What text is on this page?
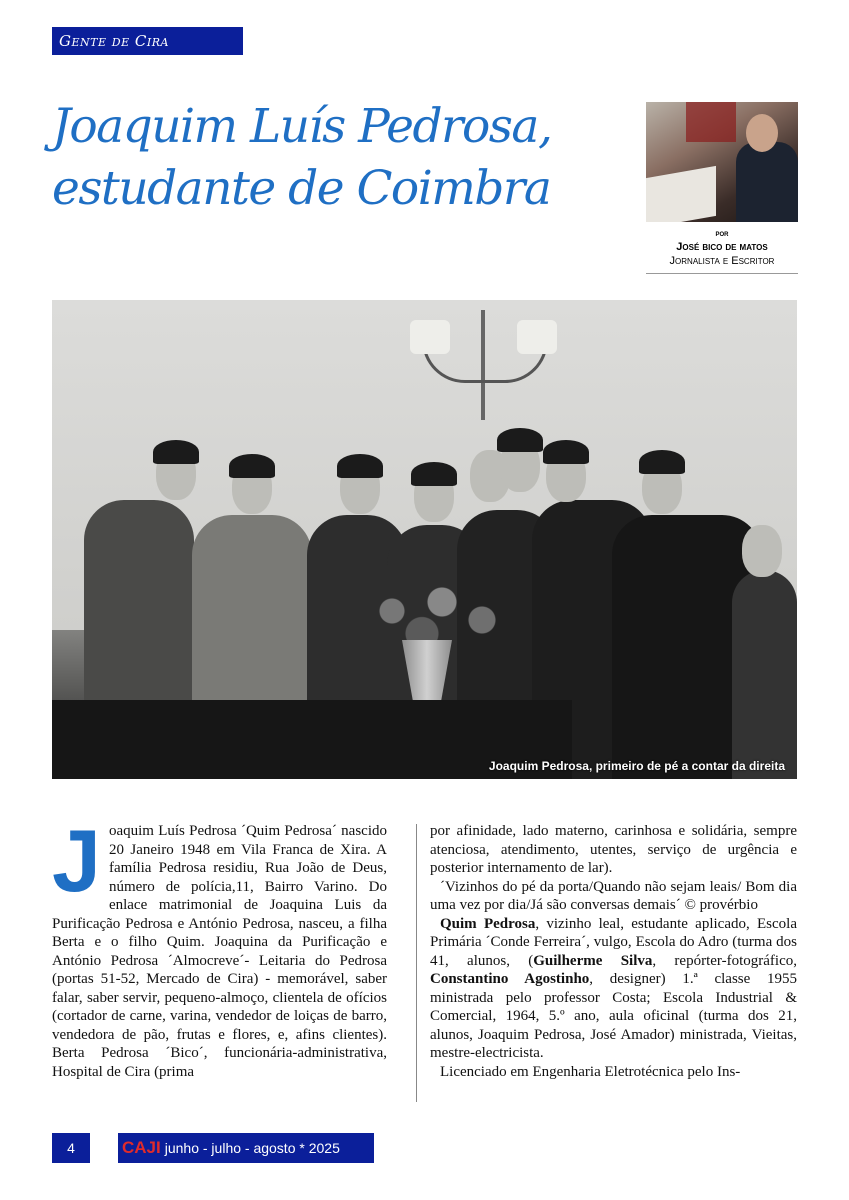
Gente de Cira
Joaquim Luís Pedrosa,
estudante de Coimbra
por
José bico de matos
Jornalista e Escritor
Joaquim Pedrosa, primeiro de pé a contar da direita
J oaquim Luís Pedrosa ´Quim Pedrosa´ nascido 20 Janeiro 1948 em Vila Franca de Xira. A família Pedrosa residiu, Rua João de Deus, número de polícia,11, Bairro Varino. Do enlace matrimonial de Joaquina Luis da Purificação Pedrosa e António Pedrosa, nasceu, a filha Berta e o filho Quim. Joaquina da Purificação e António Pedrosa ´Almocreve´- Leitaria do Pedrosa (portas 51-52, Mercado de Cira) - memorável, saber falar, saber servir, pequeno-almoço, clientela de ofícios (cortador de carne, varina, vendedor de loiças de barro, vendedora de pão, frutas e flores, e, afins clientes). Berta Pedrosa ´Bico´, funcionária-administrativa, Hospital de Cira (prima

por afinidade, lado materno, carinhosa e solidária, sempre atenciosa, atendimento, utentes, serviço de urgência e posterior internamento de lar).

´Vizinhos do pé da porta/Quando não sejam leais/ Bom dia uma vez por dia/Já são conversas demais´ © provérbio

Quim Pedrosa, vizinho leal, estudante aplicado, Escola Primária ´Conde Ferreira´, vulgo, Escola do Adro (turma dos 41, alunos, (Guilherme Silva, repórter-fotográfico, Constantino Agostinho, designer) 1.ª classe 1955 ministrada pelo professor Costa; Escola Industrial & Comercial, 1964, 5.º ano, aula oficinal (turma dos 21, alunos, Joaquim Pedrosa, José Amador) ministrada, Vieitas, mestre-electricista.

Licenciado em Engenharia Eletrotécnica pelo Ins-

4	CAJI junho - julho - agosto * 2025
